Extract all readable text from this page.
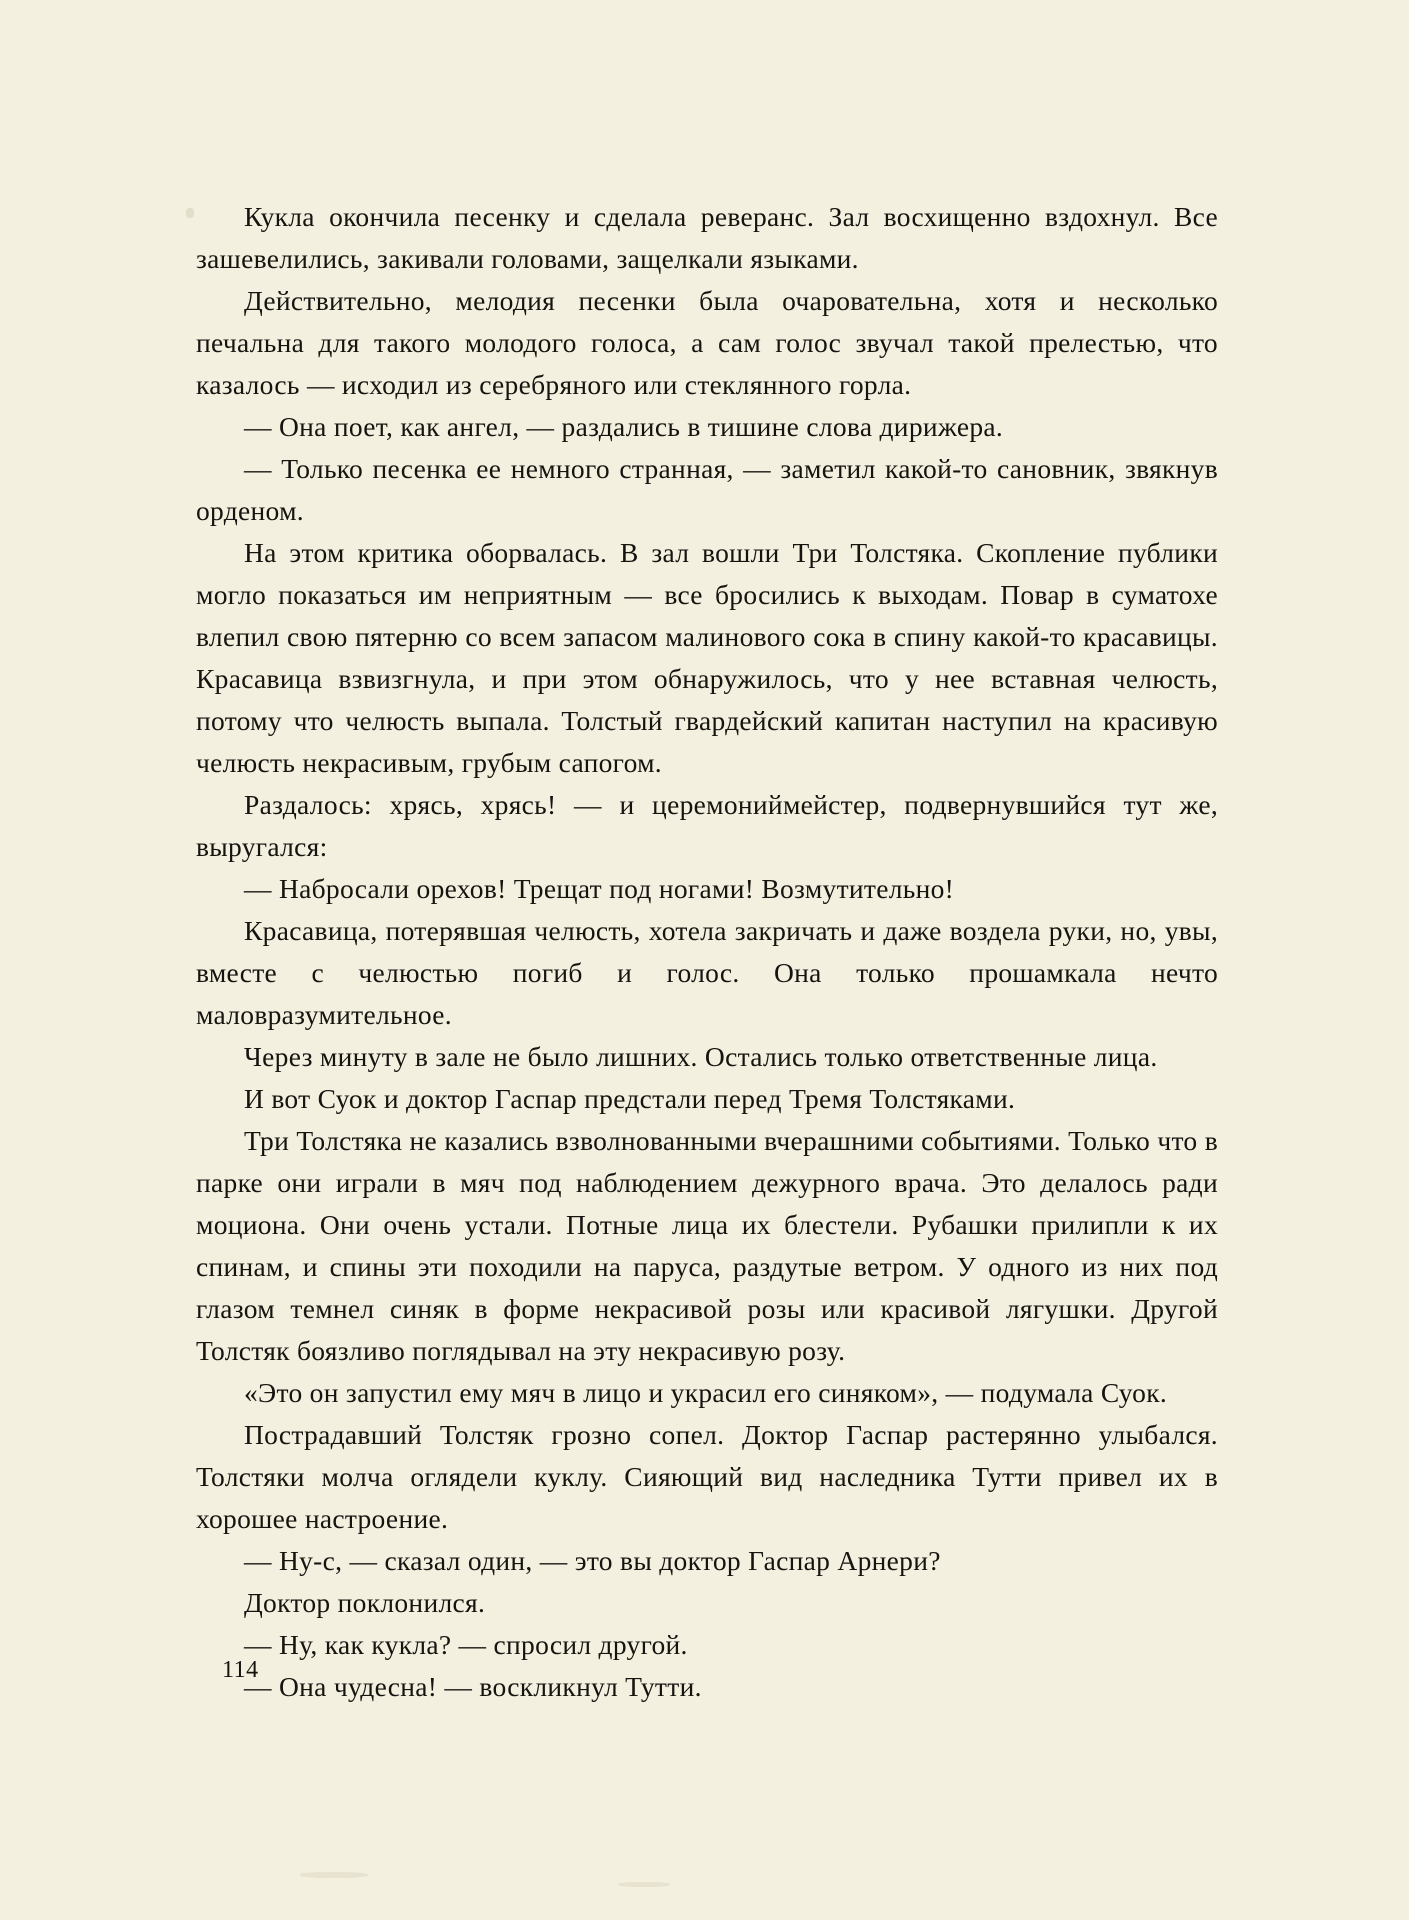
Кукла окончила песенку и сделала реверанс. Зал восхищенно вздохнул. Все зашевелились, закивали головами, защелкали языками.

Действительно, мелодия песенки была очаровательна, хотя и несколько печальна для такого молодого голоса, а сам голос звучал такой прелестью, что казалось — исходил из серебряного или стеклянного горла.

— Она поет, как ангел, — раздались в тишине слова дирижера.

— Только песенка ее немного странная, — заметил какой-то сановник, звякнув орденом.

На этом критика оборвалась. В зал вошли Три Толстяка. Скопление публики могло показаться им неприятным — все бросились к выходам. Повар в суматохе влепил свою пятерню со всем запасом малинового сока в спину какой-то красавицы. Красавица взвизгнула, и при этом обнаружилось, что у нее вставная челюсть, потому что челюсть выпала. Толстый гвардейский капитан наступил на красивую челюсть некрасивым, грубым сапогом.

Раздалось: хрясь, хрясь! — и церемониймейстер, подвернувшийся тут же, выругался:

— Набросали орехов! Трещат под ногами! Возмутительно!

Красавица, потерявшая челюсть, хотела закричать и даже воздела руки, но, увы, вместе с челюстью погиб и голос. Она только прошамкала нечто маловразумительное.

Через минуту в зале не было лишних. Остались только ответственные лица.

И вот Суок и доктор Гаспар предстали перед Тремя Толстяками.

Три Толстяка не казались взволнованными вчерашними событиями. Только что в парке они играли в мяч под наблюдением дежурного врача. Это делалось ради моциона. Они очень устали. Потные лица их блестели. Рубашки прилипли к их спинам, и спины эти походили на паруса, раздутые ветром. У одного из них под глазом темнел синяк в форме некрасивой розы или красивой лягушки. Другой Толстяк боязливо поглядывал на эту некрасивую розу.

«Это он запустил ему мяч в лицо и украсил его синяком», — подумала Суок.

Пострадавший Толстяк грозно сопел. Доктор Гаспар растерянно улыбался. Толстяки молча оглядели куклу. Сияющий вид наследника Тутти привел их в хорошее настроение.

— Ну-с, — сказал один, — это вы доктор Гаспар Арнери?

Доктор поклонился.

— Ну, как кукла? — спросил другой.

— Она чудесна! — воскликнул Тутти.

114
